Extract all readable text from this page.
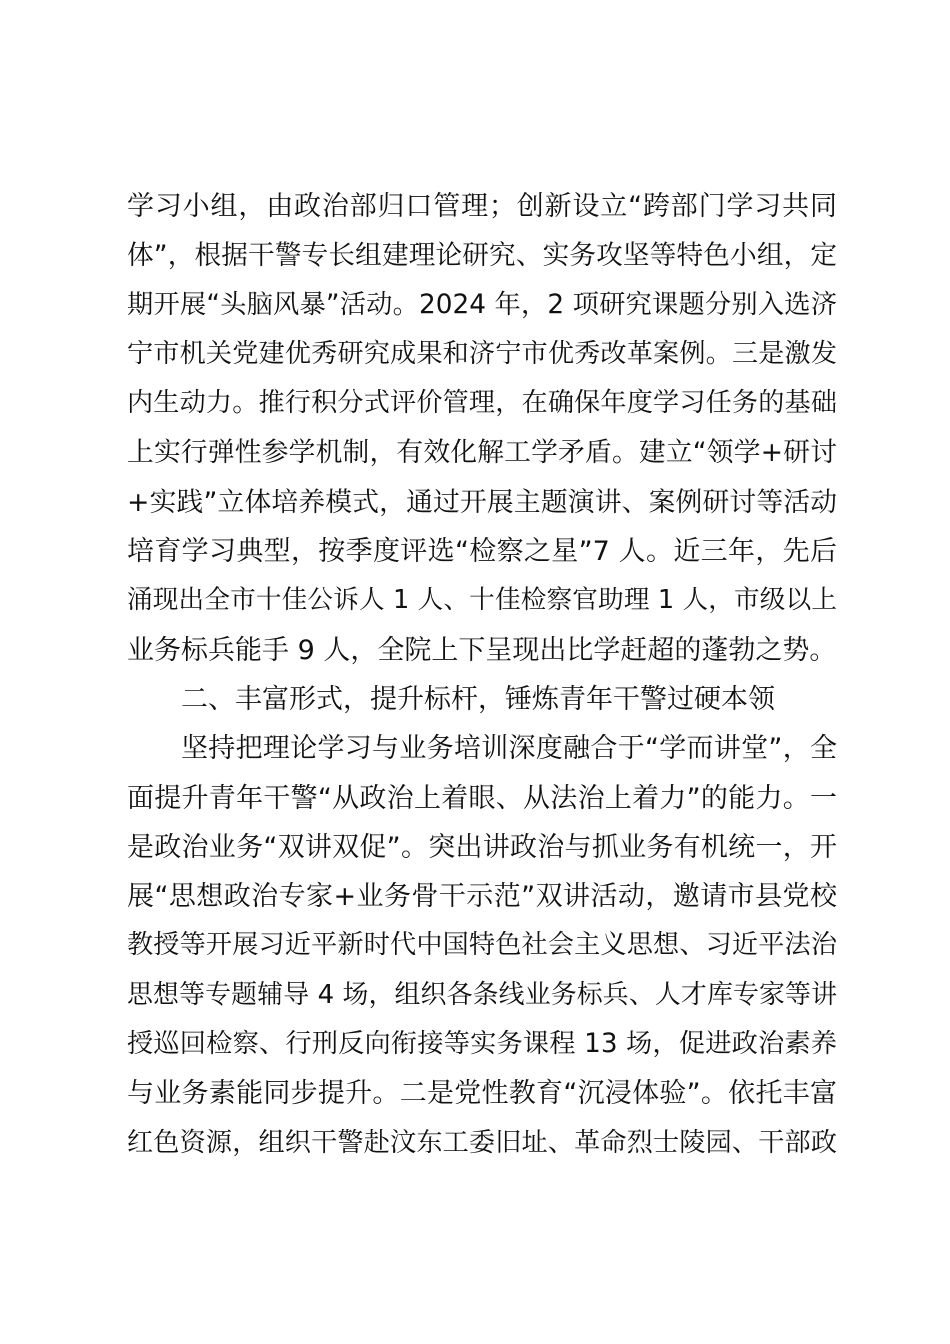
学习小组，由政治部归口管理；创新设立“跨部门学习共同
体”，根据干警专长组建理论研究、实务攻坚等特色小组，定
期开展“头脑风暴”活动。2024 年，2 项研究课题分别入选济
宁市机关党建优秀研究成果和济宁市优秀改革案例。三是激发
内生动力。推行积分式评价管理，在确保年度学习任务的基础
上实行弹性参学机制，有效化解工学矛盾。建立“领学+研讨
+实践”立体培养模式，通过开展主题演讲、案例研讨等活动
培育学习典型，按季度评选“检察之星”7 人。近三年，先后
涌现出全市十佳公诉人 1 人、十佳检察官助理 1 人，市级以上
业务标兵能手 9 人，全院上下呈现出比学赶超的蓬勃之势。
二、丰富形式，提升标杆，锤炼青年干警过硬本领
坚持把理论学习与业务培训深度融合于“学而讲堂”，全
面提升青年干警“从政治上着眼、从法治上着力”的能力。一
是政治业务“双讲双促”。突出讲政治与抓业务有机统一，开
展“思想政治专家+业务骨干示范”双讲活动，邀请市县党校
教授等开展习近平新时代中国特色社会主义思想、习近平法治
思想等专题辅导 4 场，组织各条线业务标兵、人才库专家等讲
授巡回检察、行刑反向衔接等实务课程 13 场，促进政治素养
与业务素能同步提升。二是党性教育“沉浸体验”。依托丰富
红色资源，组织干警赴汶东工委旧址、革命烈士陵园、干部政
